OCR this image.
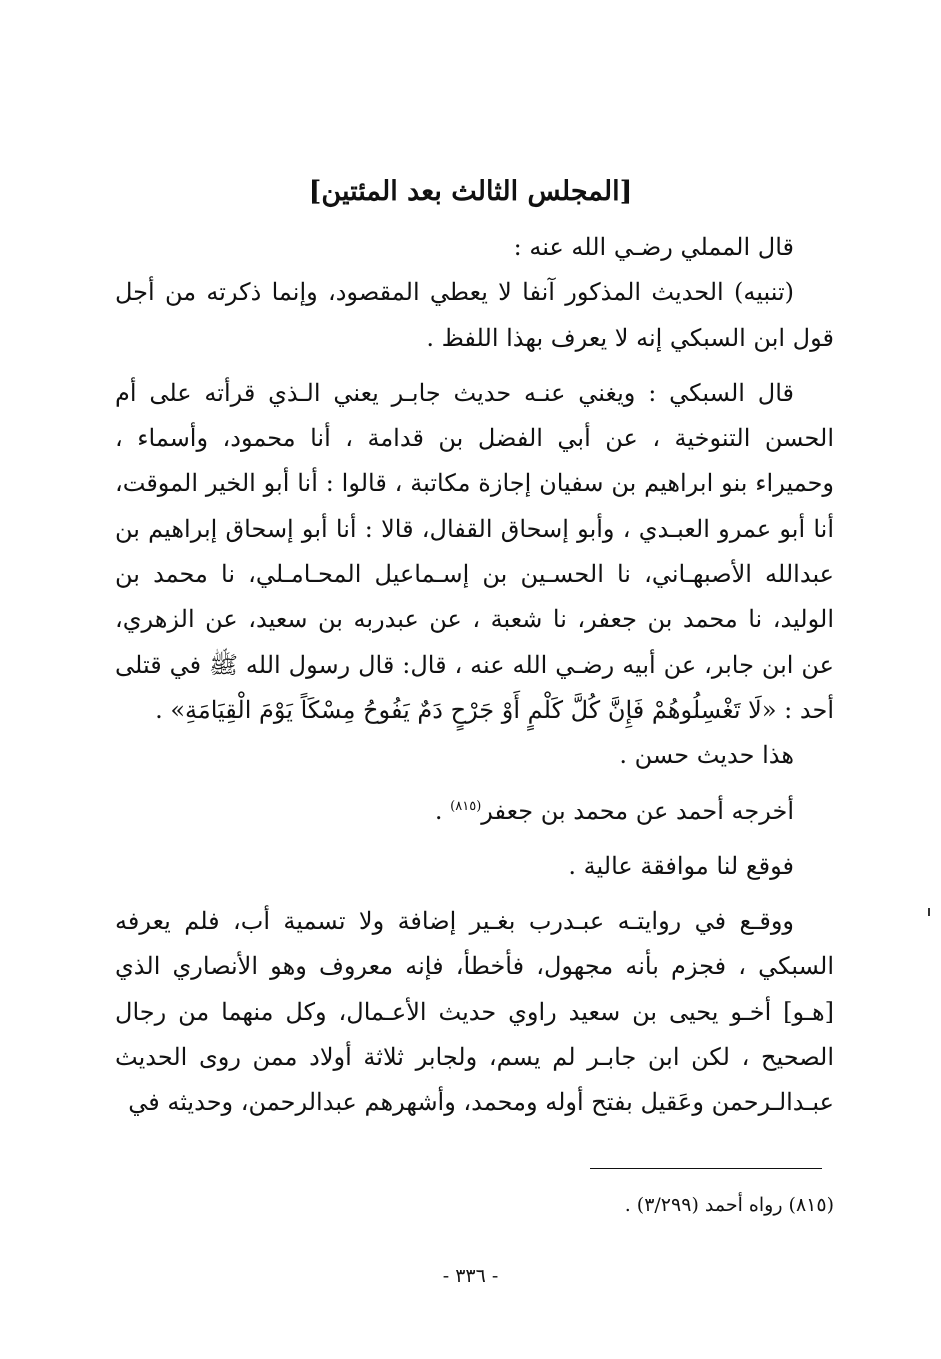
[المجلس الثالث بعد المئتين]

قال المملي رضـي الله عنه :

(تنبيه) الحديث المذكور آنفا لا يعطي المقصود، وإنما ذكرته من أجل قول ابن السبكي إنه لا يعرف بهذا اللفظ .

قال السبكي : ويغني عنـه حديث جابـر يعني الـذي قرأته على أم الحسن التنوخية ، عن أبي الفضل بن قدامة ، أنا محمود، وأسماء ، وحميراء بنو ابراهيم بن سفيان إجازة مكاتبة ، قالوا : أنا أبو الخير الموقت، أنا أبو عمرو العبـدي ، وأبو إسحاق القفال، قالا : أنا أبو إسحاق إبراهيم بن عبدالله الأصبهـاني، نا الحسـين بن إسـماعيل المحـامـلي، نا محمد بن الوليد، نا محمد بن جعفر، نا شعبة ، عن عبدربه بن سعيد، عن الزهري، عن ابن جابر، عن أبيه رضـي الله عنه ، قال: قال رسول الله ﷺ في قتلى أحد : «لَا تَغْسِلُوهُمْ فَإِنَّ كُلَّ كَلْمٍ أَوْ جَرْحٍ دَمٌ يَفُوحُ مِسْكَاً يَوْمَ الْقِيَامَةِ» .

هذا حديث حسن .

أخرجه أحمد عن محمد بن جعفر$^{(٨١٥)}$ .

فوقع لنا موافقة عالية .

ووقـع في روايتـه عبـدرب بغـير إضافة ولا تسمية أب، فلم يعرفه السبكي ، فجزم بأنه مجهول، فأخطأ، فإنه معروف وهو الأنصاري الذي [هـو] أخـو يحيى بن سعيد راوي حديث الأعـمال، وكل منهما من رجال الصحيح ، لكن ابن جابـر لم يسم، ولجابر ثلاثة أولاد ممن روى الحديث عبـدالـرحمن وعَقيل بفتح أوله ومحمد، وأشهرهم عبدالرحمن، وحديثه في

(٨١٥) رواه أحمد (٣/٢٩٩) .
- ٣٣٦ -
